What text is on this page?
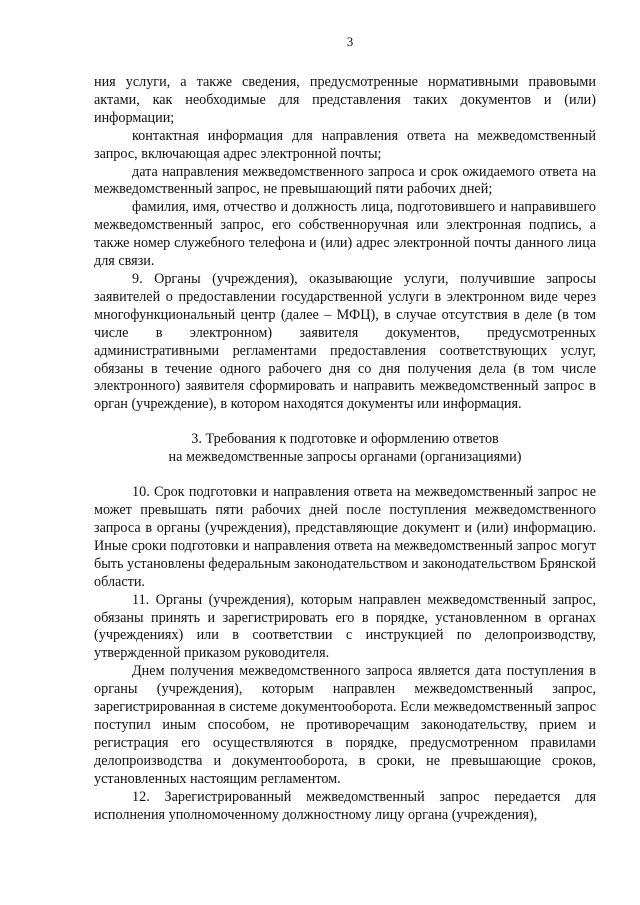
3

ния услуги, а также сведения, предусмотренные нормативными правовыми актами, как необходимые для представления таких документов и (или) информации;

контактная информация для направления ответа на межведомственный запрос, включающая адрес электронной почты;

дата направления межведомственного запроса и срок ожидаемого ответа на межведомственный запрос, не превышающий пяти рабочих дней;

фамилия, имя, отчество и должность лица, подготовившего и направившего межведомственный запрос, его собственноручная или электронная подпись, а также номер служебного телефона и (или) адрес электронной почты данного лица для связи.

9. Органы (учреждения), оказывающие услуги, получившие запросы заявителей о предоставлении государственной услуги в электронном виде через многофункциональный центр (далее – МФЦ), в случае отсутствия в деле (в том числе в электронном) заявителя документов, предусмотренных административными регламентами предоставления соответствующих услуг, обязаны в течение одного рабочего дня со дня получения дела (в том числе электронного) заявителя сформировать и направить межведомственный запрос в орган (учреждение), в котором находятся документы или информация.

3. Требования к подготовке и оформлению ответов
на межведомственные запросы органами (организациями)

10. Срок подготовки и направления ответа на межведомственный запрос не может превышать пяти рабочих дней после поступления межведомственного запроса в органы (учреждения), представляющие документ и (или) информацию. Иные сроки подготовки и направления ответа на межведомственный запрос могут быть установлены федеральным законодательством и законодательством Брянской области.

11. Органы (учреждения), которым направлен межведомственный запрос, обязаны принять и зарегистрировать его в порядке, установленном в органах (учреждениях) или в соответствии с инструкцией по делопроизводству, утвержденной приказом руководителя.

Днем получения межведомственного запроса является дата поступления в органы (учреждения), которым направлен межведомственный запрос, зарегистрированная в системе документооборота. Если межведомственный запрос поступил иным способом, не противоречащим законодательству, прием и регистрация его осуществляются в порядке, предусмотренном правилами делопроизводства и документооборота, в сроки, не превышающие сроков, установленных настоящим регламентом.

12. Зарегистрированный межведомственный запрос передается для исполнения уполномоченному должностному лицу органа (учреждения),
